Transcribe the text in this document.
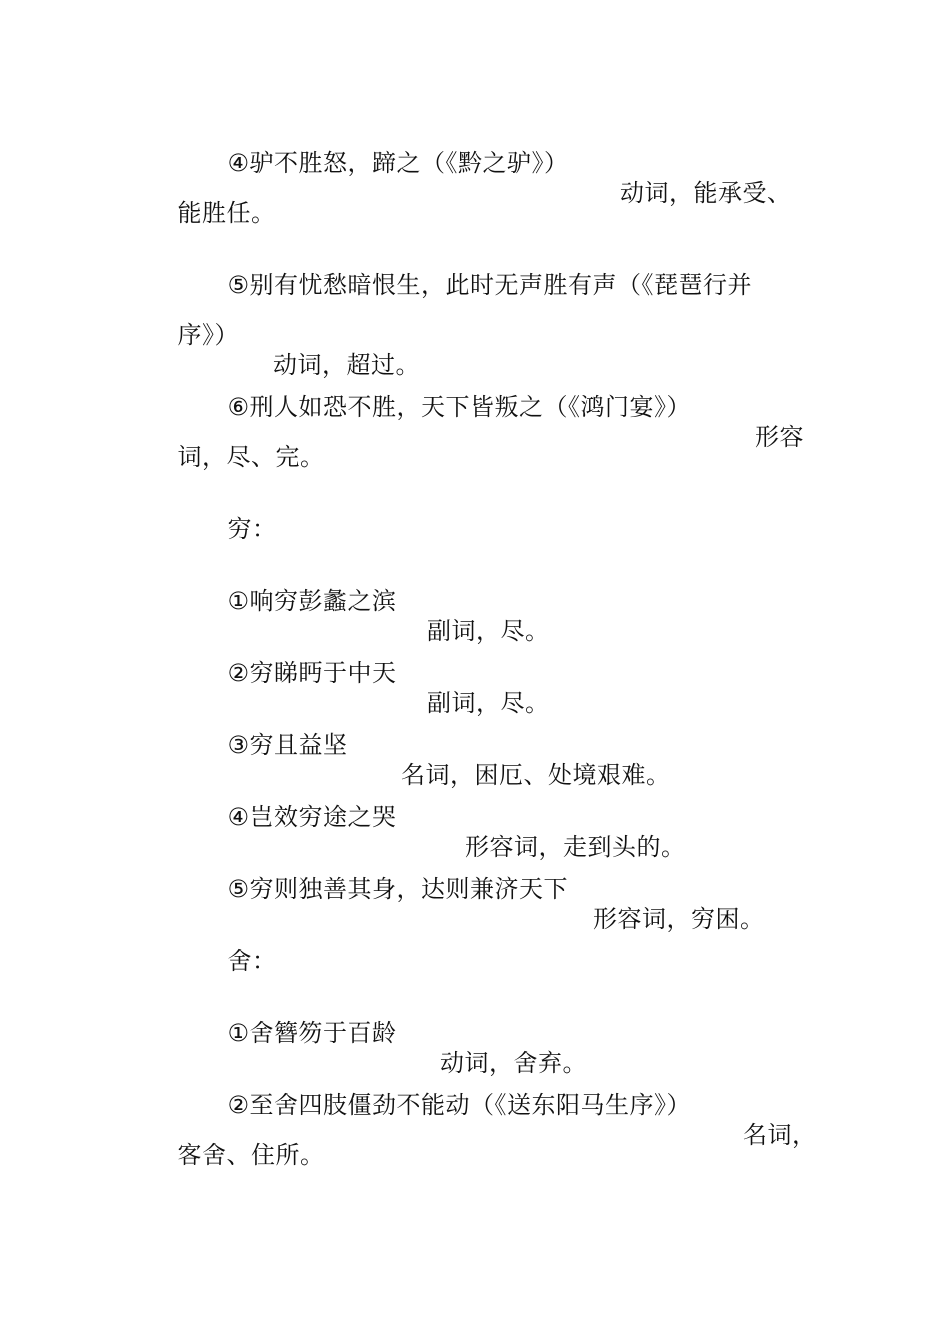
④驴不胜怒，蹄之（《黔之驴》）

动词，能承受、

能胜任。

⑤别有忧愁暗恨生，此时无声胜有声（《琵琶行并

序》）

动词，超过。

⑥刑人如恐不胜，天下皆叛之（《鸿门宴》）

形容

词，尽、完。

穷：

①响穷彭蠡之滨

副词，尽。

②穷睇眄于中天

副词，尽。

③穷且益坚

名词，困厄、处境艰难。

④岂效穷途之哭

形容词，走到头的。

⑤穷则独善其身，达则兼济天下

形容词，穷困。

舍：

①舍簪笏于百龄

动词，舍弃。

②至舍四肢僵劲不能动（《送东阳马生序》）

名词，

客舍、住所。
